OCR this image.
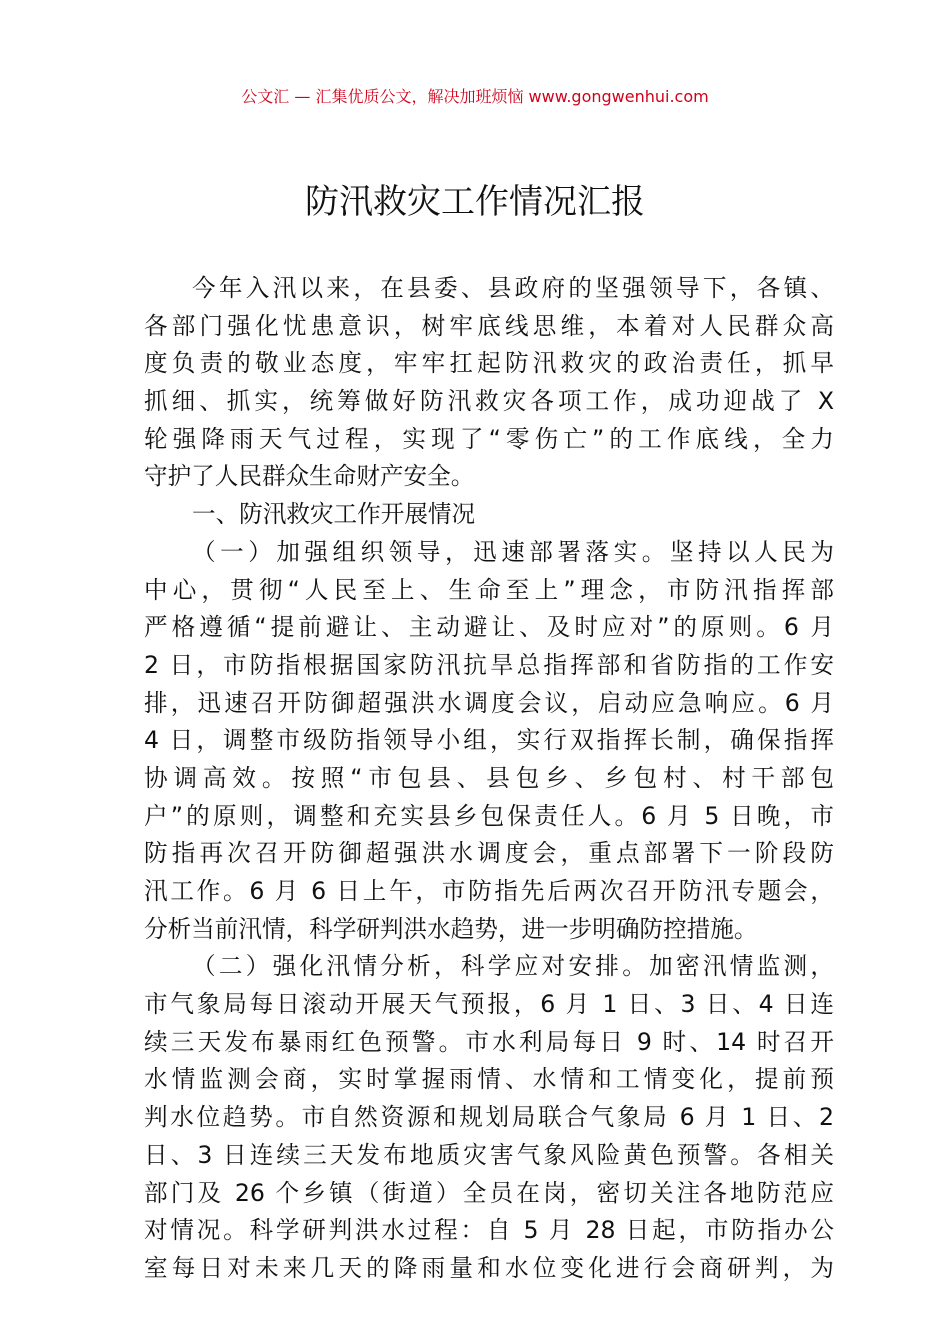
公文汇 — 汇集优质公文，解决加班烦恼 www.gongwenhui.com
防汛救灾工作情况汇报
今年入汛以来，在县委、县政府的坚强领导下，各镇、
各部门强化忧患意识，树牢底线思维，本着对人民群众高
度负责的敬业态度，牢牢扛起防汛救灾的政治责任，抓早
抓细、抓实，统筹做好防汛救灾各项工作，成功迎战了 X
轮强降雨天气过程，实现了“零伤亡”的工作底线，全力
守护了人民群众生命财产安全。
一、防汛救灾工作开展情况
（一）加强组织领导，迅速部署落实。坚持以人民为
中心，贯彻“人民至上、生命至上”理念，市防汛指挥部
严格遵循“提前避让、主动避让、及时应对”的原则。6 月
2 日，市防指根据国家防汛抗旱总指挥部和省防指的工作安
排，迅速召开防御超强洪水调度会议，启动应急响应。6 月
4 日，调整市级防指领导小组，实行双指挥长制，确保指挥
协调高效。按照“市包县、县包乡、乡包村、村干部包
户”的原则，调整和充实县乡包保责任人。6 月 5 日晚，市
防指再次召开防御超强洪水调度会，重点部署下一阶段防
汛工作。6 月 6 日上午，市防指先后两次召开防汛专题会，
分析当前汛情，科学研判洪水趋势，进一步明确防控措施。
（二）强化汛情分析，科学应对安排。加密汛情监测，
市气象局每日滚动开展天气预报，6 月 1 日、3 日、4 日连
续三天发布暴雨红色预警。市水利局每日 9 时、14 时召开
水情监测会商，实时掌握雨情、水情和工情变化，提前预
判水位趋势。市自然资源和规划局联合气象局 6 月 1 日、2
日、3 日连续三天发布地质灾害气象风险黄色预警。各相关
部门及 26 个乡镇（街道）全员在岗，密切关注各地防范应
对情况。科学研判洪水过程：自 5 月 28 日起，市防指办公
室每日对未来几天的降雨量和水位变化进行会商研判，为
